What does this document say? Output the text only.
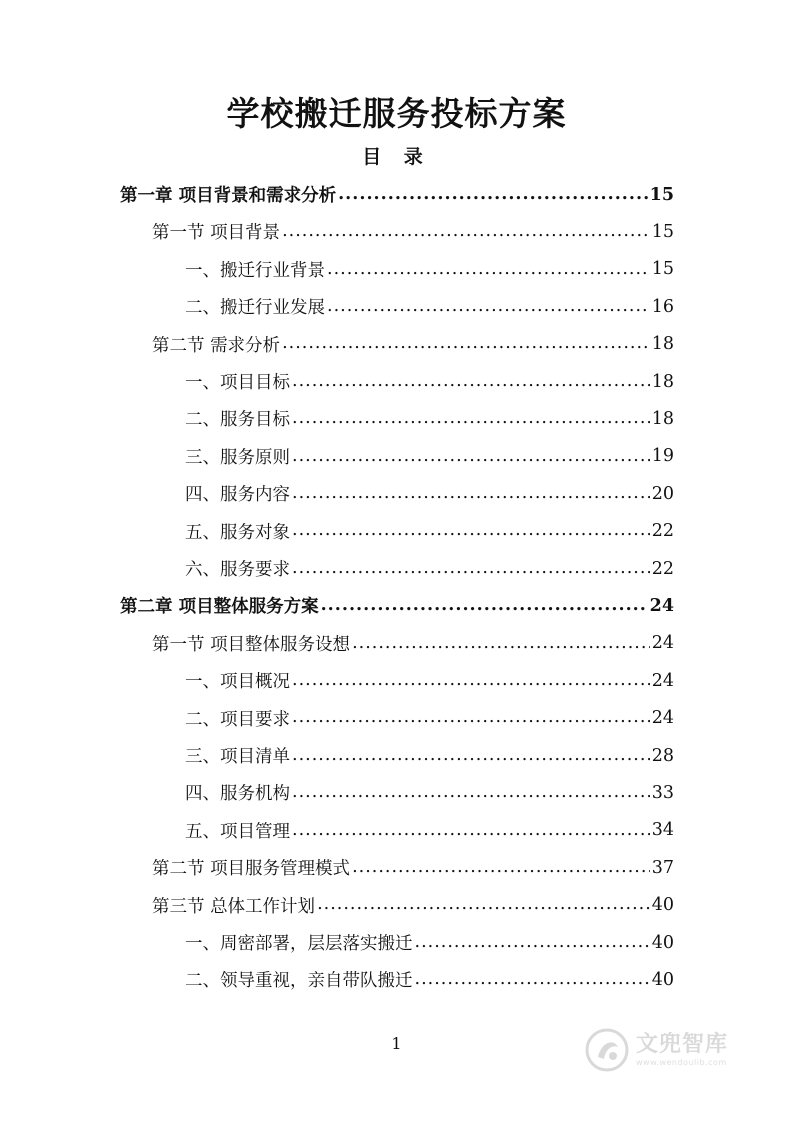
学校搬迁服务投标方案
目 录
第一章 项目背景和需求分析 .....	15
第一节 项目背景 .....	15
一、搬迁行业背景 .....	15
二、搬迁行业发展 .....	16
第二节 需求分析 .....	18
一、项目目标 .....	18
二、服务目标 .....	18
三、服务原则 .....	19
四、服务内容 .....	20
五、服务对象 .....	22
六、服务要求 .....	22
第二章 项目整体服务方案 .....	24
第一节 项目整体服务设想 .....	24
一、项目概况 .....	24
二、项目要求 .....	24
三、项目清单 .....	28
四、服务机构 .....	33
五、项目管理 .....	34
第二节 项目服务管理模式 .....	37
第三节 总体工作计划 .....	40
一、周密部署，层层落实搬迁 .....	40
二、领导重视，亲自带队搬迁 .....	40
1	文兜智库
www.wendoulib.com
